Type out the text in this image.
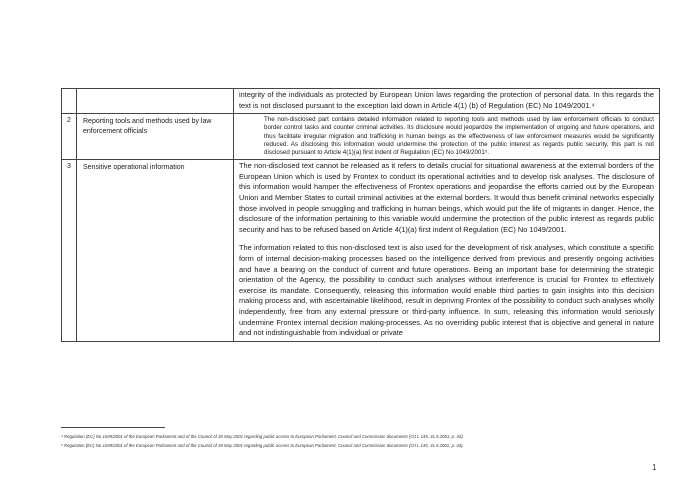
		integrity of the individuals as protected by European Union laws regarding the protection of personal data. In this regards the text is not disclosed pursuant to the exception laid down in Article 4(1) (b) of Regulation (EC) No 1049/2001.⁴

2	Reporting tools and methods used by law enforcement officials	The non-disclosed part contains detailed information related to reporting tools and methods used by law enforcement officials to conduct border control tasks and counter criminal activities. Its disclosure would jeopardize the implementation of ongoing and future operations, and thus facilitate irregular migration and trafficking in human beings as the effectiveness of law enforcement measures would be significantly reduced. As disclosing this information would undermine the protection of the public interest as regards public security, this part is not disclosed pursuant to Article 4(1)(a) first indent of Regulation (EC) No 1049/2001⁵.

3	Sensitive operational information	The non-disclosed text cannot be released as it refers to details crucial for situational awareness at the external borders of the European Union which is used by Frontex to conduct its operational activities and to develop risk analyses. The disclosure of this information would hamper the effectiveness of Frontex operations and jeopardise the efforts carried out by the European Union and Member States to curtail criminal activities at the external borders. It would thus benefit criminal networks especially those involved in people smuggling and trafficking in human beings, which would put the life of migrants in danger. Hence, the disclosure of the information pertaining to this variable would undermine the protection of the public interest as regards public security and has to be refused based on Article 4(1)(a) first indent of Regulation (EC) No 1049/2001.

The information related to this non-disclosed text is also used for the development of risk analyses, which constitute a specific form of internal decision-making processes based on the intelligence derived from previous and presently ongoing activities and have a bearing on the conduct of current and future operations. Being an important base for determining the strategic orientation of the Agency, the possibility to conduct such analyses without interference is crucial for Frontex to effectively exercise its mandate. Consequently, releasing this information would enable third parties to gain insights into this decision making process and, with ascertainable likelihood, result in depriving Frontex of the possibility to conduct such analyses wholly independently, free from any external pressure or third-party influence. In sum, releasing this information would seriously undermine Frontex internal decision making-processes. As no overriding public interest that is objective and general in nature and not indistinguishable from individual or private

⁴ Regulation (EC) No 1049/2001 of the European Parliament and of the Council of 30 May 2001 regarding public access to European Parliament, Council and Commission documents (OJ L 145, 31.5.2001, p. 43).
⁵ Regulation (EC) No 1049/2001 of the European Parliament and of the Council of 30 May 2001 regarding public access to European Parliament, Council and Commission documents (OJ L 145, 31.5.2001, p. 43).
1
